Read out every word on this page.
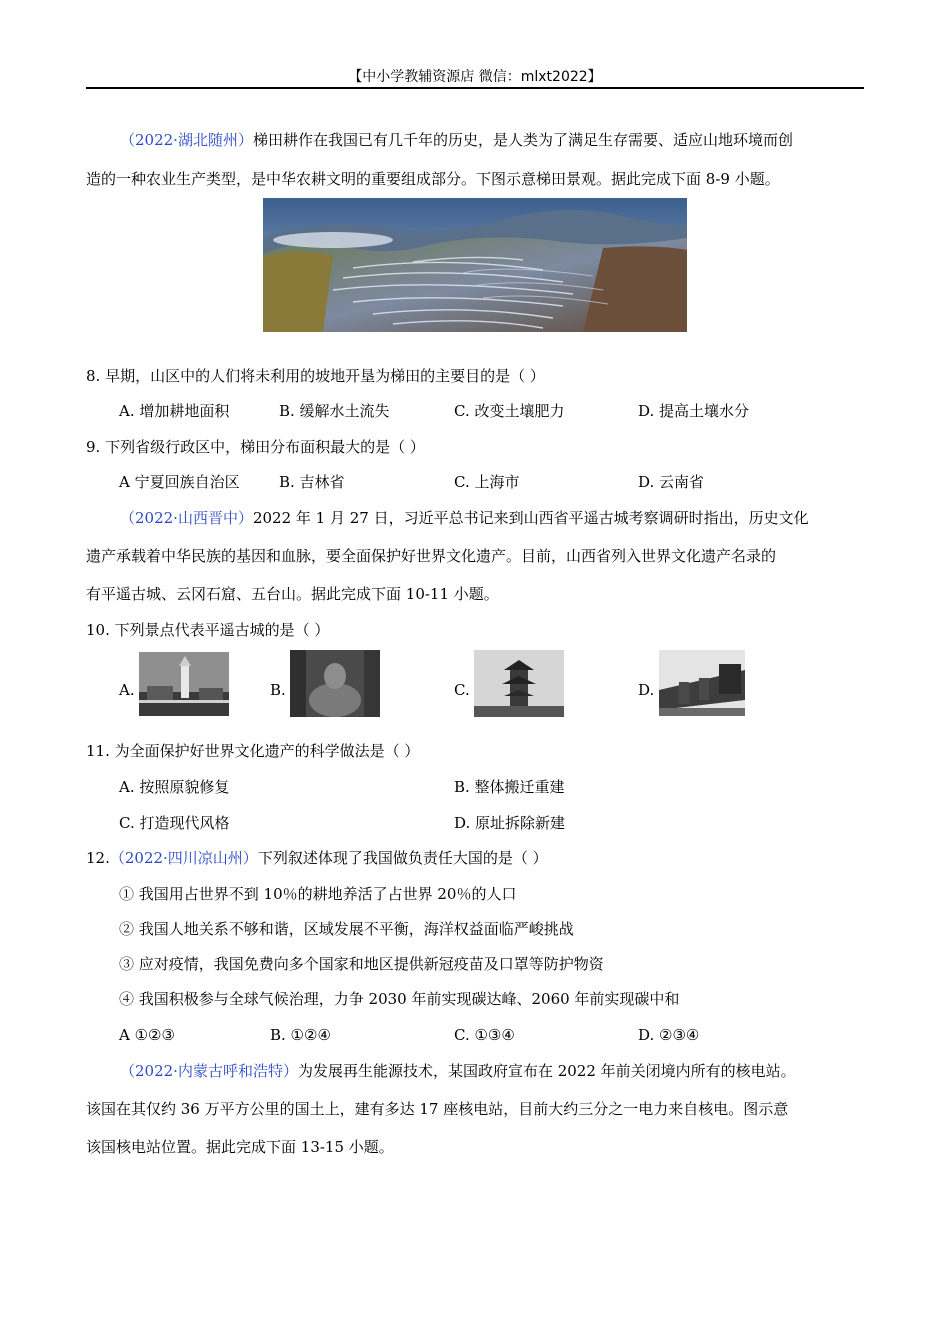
【中小学教辅资源店 微信：mlxt2022】
（2022·湖北随州）梯田耕作在我国已有几千年的历史，是人类为了满足生存需要、适应山地环境而创
造的一种农业生产类型，是中华农耕文明的重要组成部分。下图示意梯田景观。据此完成下面 8-9 小题。
8. 早期，山区中的人们将未利用的坡地开垦为梯田的主要目的是（ ）
A. 增加耕地面积	B. 缓解水土流失	C. 改变土壤肥力	D. 提高土壤水分
9. 下列省级行政区中，梯田分布面积最大的是（ ）
A 宁夏回族自治区	B. 吉林省	C. 上海市	D. 云南省
（2022·山西晋中）2022 年 1 月 27 日，习近平总书记来到山西省平遥古城考察调研时指出，历史文化
遗产承载着中华民族的基因和血脉，要全面保护好世界文化遗产。目前，山西省列入世界文化遗产名录的
有平遥古城、云冈石窟、五台山。据此完成下面 10-11 小题。
10. 下列景点代表平遥古城的是（ ）
A.	B.	C.	D.
11. 为全面保护好世界文化遗产的科学做法是（ ）
A. 按照原貌修复	B. 整体搬迁重建
C. 打造现代风格	D. 原址拆除新建
12.（2022·四川凉山州）下列叙述体现了我国做负责任大国的是（ ）
① 我国用占世界不到 10％的耕地养活了占世界 20％的人口
② 我国人地关系不够和谐，区域发展不平衡，海洋权益面临严峻挑战
③ 应对疫情，我国免费向多个国家和地区提供新冠疫苗及口罩等防护物资
④ 我国积极参与全球气候治理，力争 2030 年前实现碳达峰、2060 年前实现碳中和
A ①②③	B. ①②④	C. ①③④	D. ②③④
（2022·内蒙古呼和浩特）为发展再生能源技术，某国政府宣布在 2022 年前关闭境内所有的核电站。
该国在其仅约 36 万平方公里的国土上，建有多达 17 座核电站，目前大约三分之一电力来自核电。图示意
该国核电站位置。据此完成下面 13-15 小题。
